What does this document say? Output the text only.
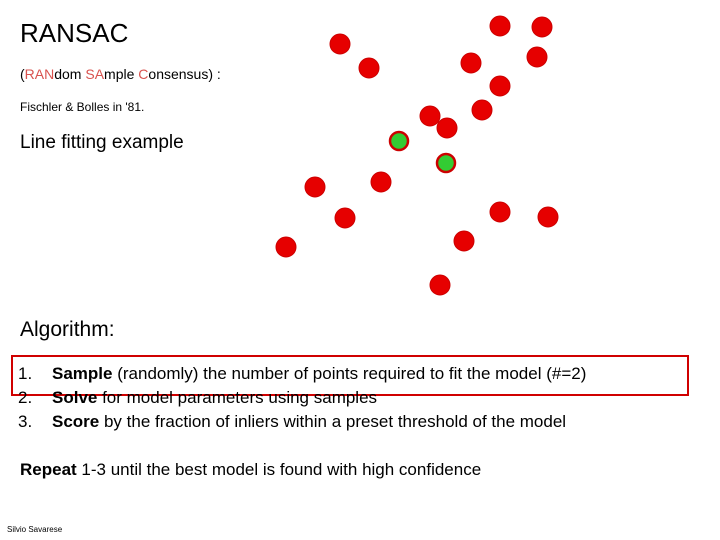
RANSAC
(RANdom SAmple Consensus) :
Fischler & Bolles in '81.
Line fitting example
Algorithm:
1. Sample (randomly) the number of points required to fit the model (#=2)
2. Solve for model parameters using samples
3. Score by the fraction of inliers within a preset threshold of the model
Repeat 1-3 until the best model is found with high confidence
Silvio Savarese
